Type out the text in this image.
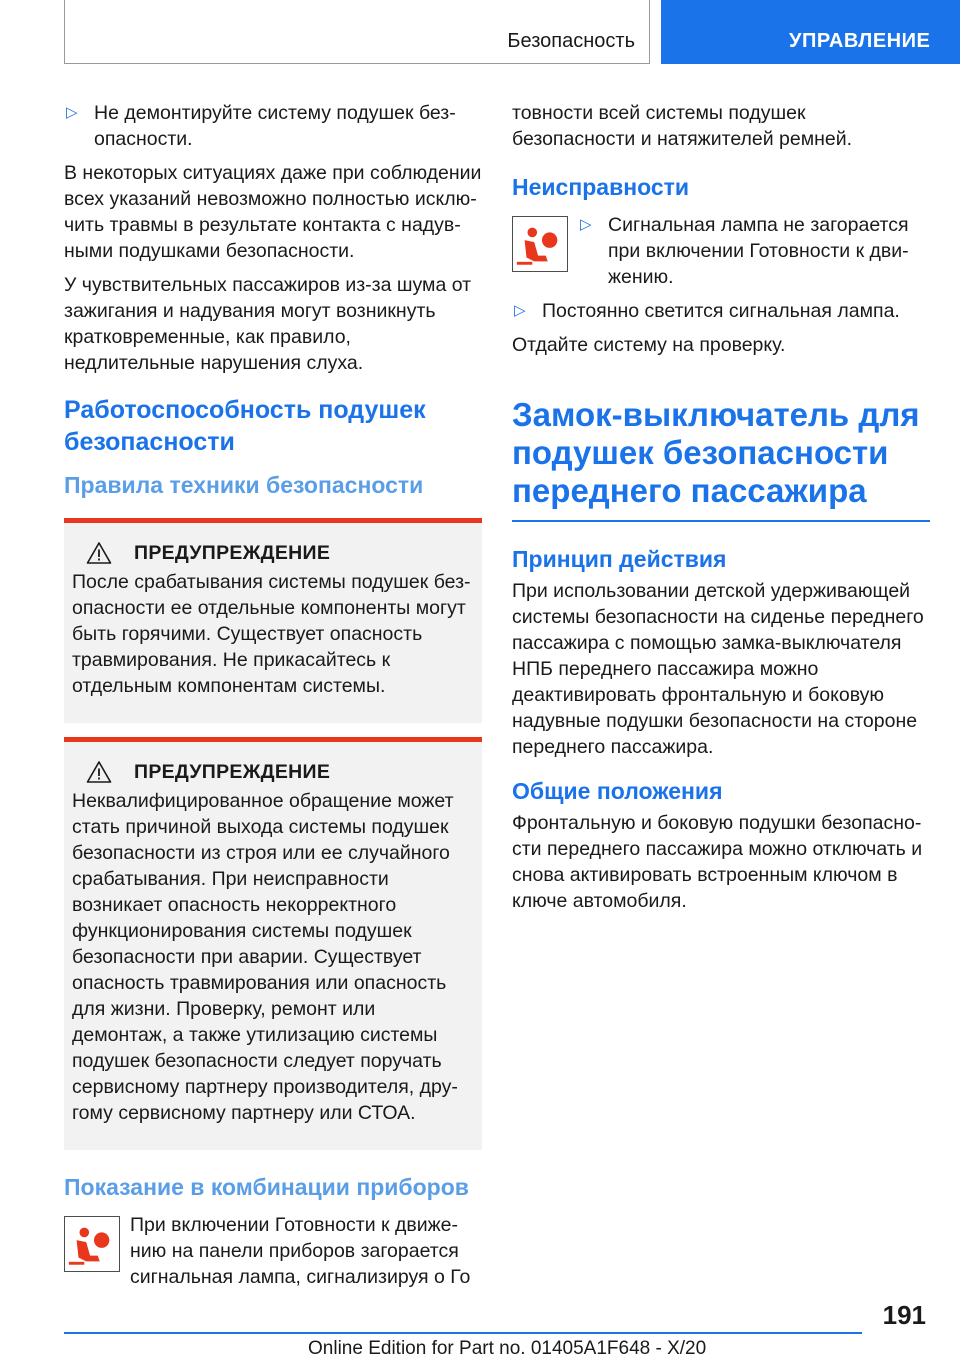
Безопасность	УПРАВЛЕНИЕ
▷ Не демонтируйте систему подушек безопасности.

В некоторых ситуациях даже при соблюдении всех указаний невозможно полностью исключить травмы в результате контакта с надувными подушками безопасности.

У чувствительных пассажиров из-за шума от зажигания и надувания могут возникнуть кратковременные, как правило, недлительные нарушения слуха.

Работоспособность подушек безопасности
Правила техники безопасности
ПРЕДУПРЕЖДЕНИЕ

После срабатывания системы подушек безопасности ее отдельные компоненты могут быть горячими. Существует опасность травмирования. Не прикасайтесь к отдельным компонентам системы.

ПРЕДУПРЕЖДЕНИЕ

Неквалифицированное обращение может стать причиной выхода системы подушек безопасности из строя или ее случайного срабатывания. При неисправности возникает опасность некорректного функционирования системы подушек безопасности при аварии. Существует опасность травмирования или опасность для жизни. Проверку, ремонт или демонтаж, а также утилизацию системы подушек безопасности следует поручать сервисному партнеру производителя, другому сервисному партнеру или СТОА.

Показание в комбинации приборов

При включении Готовности к движению на панели приборов загорается сигнальная лампа, сигнализируя о Го

товности всей системы подушек безопасности и натяжителей ремней.

Неисправности
▷ Сигнальная лампа не загорается при включении Готовности к движению.
▷ Постоянно светится сигнальная лампа.

Отдайте систему на проверку.

Замок-выключатель для подушек безопасности переднего пассажира
Принцип действия

При использовании детской удерживающей системы безопасности на сиденье переднего пассажира с помощью замка-выключателя НПБ переднего пассажира можно деактивировать фронтальную и боковую надувные подушки безопасности на стороне переднего пассажира.

Общие положения

Фронтальную и боковую подушки безопасности переднего пассажира можно отключать и снова активировать встроенным ключом в ключе автомобиля.

191
Online Edition for Part no. 01405A1F648 - X/20
